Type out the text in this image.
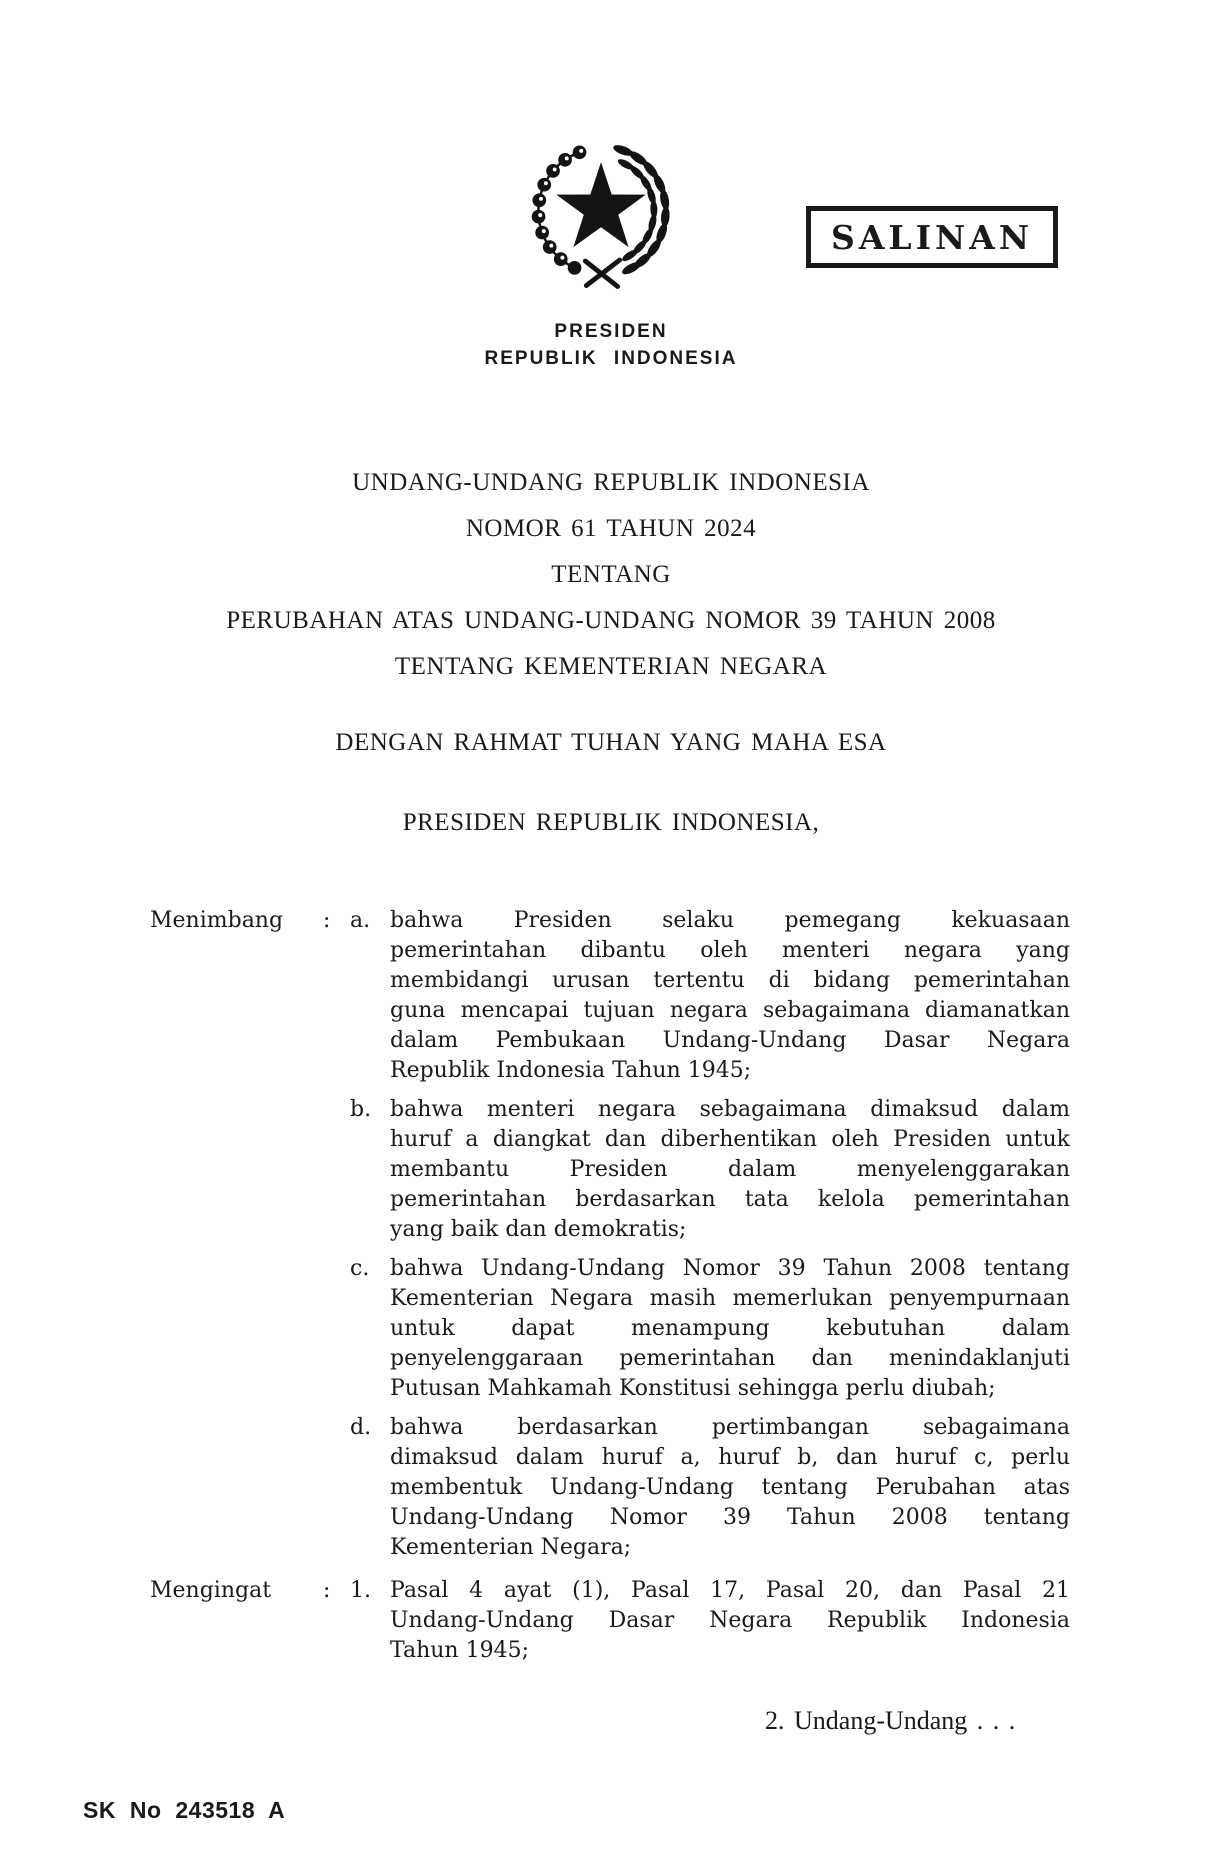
PRESIDEN
REPUBLIK INDONESIA
SALINAN
UNDANG-UNDANG REPUBLIK INDONESIA
NOMOR 61 TAHUN 2024
TENTANG
PERUBAHAN ATAS UNDANG-UNDANG NOMOR 39 TAHUN 2008
TENTANG KEMENTERIAN NEGARA
DENGAN RAHMAT TUHAN YANG MAHA ESA
PRESIDEN REPUBLIK INDONESIA,
Menimbang	: a. bahwa Presiden selaku pemegang kekuasaan
pemerintahan dibantu oleh menteri negara yang
membidangi urusan tertentu di bidang pemerintahan
guna mencapai tujuan negara sebagaimana diamanatkan
dalam Pembukaan Undang-Undang Dasar Negara
Republik Indonesia Tahun 1945;
b. bahwa menteri negara sebagaimana dimaksud dalam
huruf a diangkat dan diberhentikan oleh Presiden untuk
membantu Presiden dalam menyelenggarakan
pemerintahan berdasarkan tata kelola pemerintahan
yang baik dan demokratis;
c. bahwa Undang-Undang Nomor 39 Tahun 2008 tentang
Kementerian Negara masih memerlukan penyempurnaan
untuk dapat menampung kebutuhan dalam
penyelenggaraan pemerintahan dan menindaklanjuti
Putusan Mahkamah Konstitusi sehingga perlu diubah;
d. bahwa berdasarkan pertimbangan sebagaimana
dimaksud dalam huruf a, huruf b, dan huruf c, perlu
membentuk Undang-Undang tentang Perubahan atas
Undang-Undang Nomor 39 Tahun 2008 tentang
Kementerian Negara;
Mengingat	: 1. Pasal 4 ayat (1), Pasal 17, Pasal 20, dan Pasal 21
Undang-Undang Dasar Negara Republik Indonesia
Tahun 1945;
2. Undang-Undang . . .
SK No 243518 A
